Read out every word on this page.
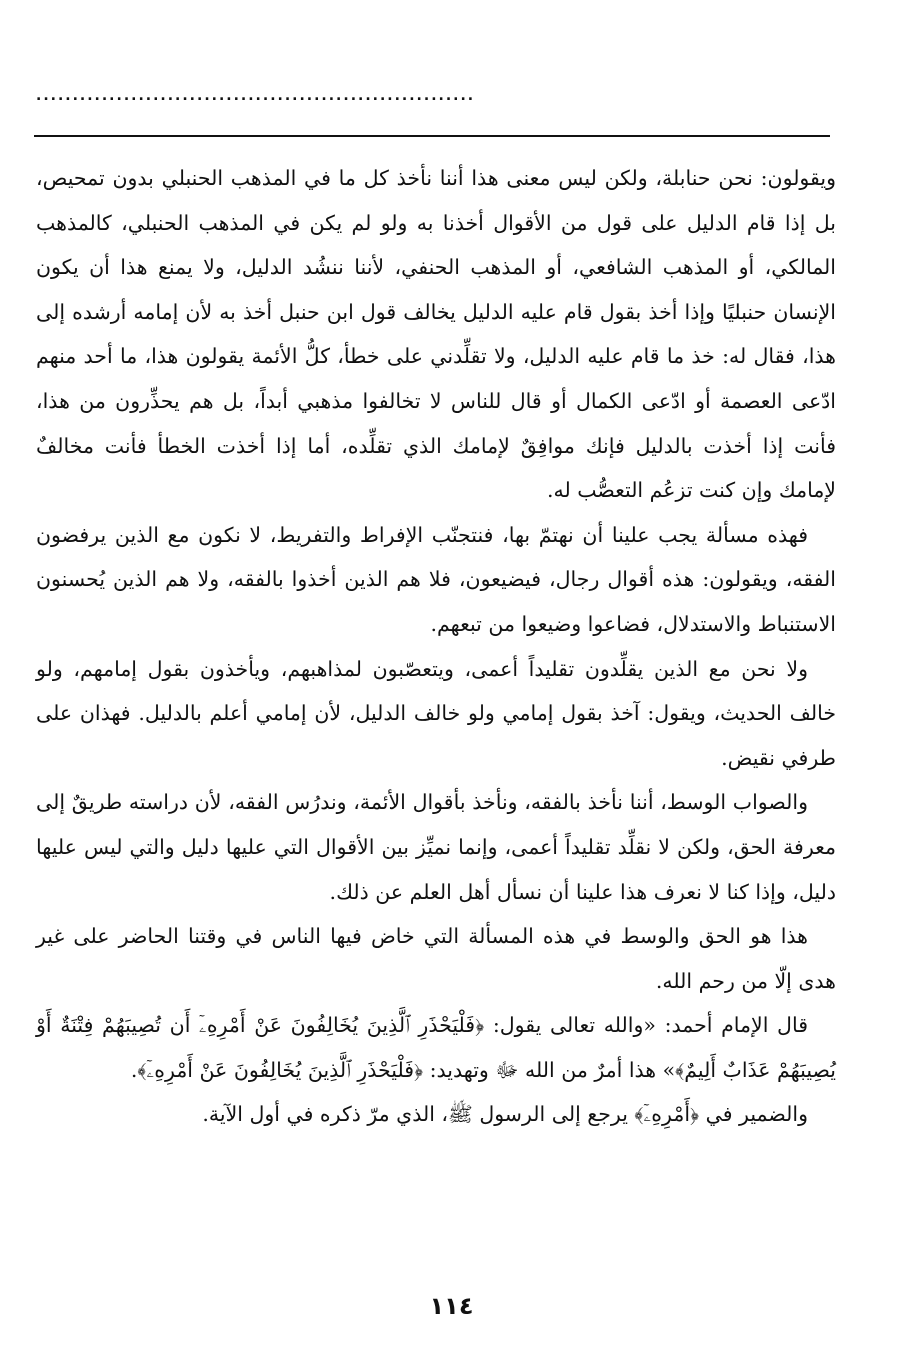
............................................................

ويقولون: نحن حنابلة، ولكن ليس معنى هذا أننا نأخذ كل ما في المذهب الحنبلي بدون تمحيص، بل إذا قام الدليل على قول من الأقوال أخذنا به ولو لم يكن في المذهب الحنبلي، كالمذهب المالكي، أو المذهب الشافعي، أو المذهب الحنفي، لأننا ننشُد الدليل، ولا يمنع هذا أن يكون الإنسان حنبليًا وإذا أخذ بقول قام عليه الدليل يخالف قول ابن حنبل أخذ به لأن إمامه أرشده إلى هذا، فقال له: خذ ما قام عليه الدليل، ولا تقلِّدني على خطأ، كلُّ الأئمة يقولون هذا، ما أحد منهم ادّعى العصمة أو ادّعى الكمال أو قال للناس لا تخالفوا مذهبي أبداً، بل هم يحذِّرون من هذا، فأنت إذا أخذت بالدليل فإنك موافِقٌ لإمامك الذي تقلِّده، أما إذا أخذت الخطأ فأنت مخالفٌ لإمامك وإن كنت تزعُم التعصُّب له.

فهذه مسألة يجب علينا أن نهتمّ بها، فنتجنّب الإفراط والتفريط، لا نكون مع الذين يرفضون الفقه، ويقولون: هذه أقوال رجال، فيضيعون، فلا هم الذين أخذوا بالفقه، ولا هم الذين يُحسنون الاستنباط والاستدلال، فضاعوا وضيعوا من تبعهم.

ولا نحن مع الذين يقلِّدون تقليداً أعمى، ويتعصّبون لمذاهبهم، ويأخذون بقول إمامهم، ولو خالف الحديث، ويقول: آخذ بقول إمامي ولو خالف الدليل، لأن إمامي أعلم بالدليل. فهذان على طرفي نقيض.

والصواب الوسط، أننا نأخذ بالفقه، ونأخذ بأقوال الأئمة، وندرُس الفقه، لأن دراسته طريقٌ إلى معرفة الحق، ولكن لا نقلِّد تقليداً أعمى، وإنما نميِّز بين الأقوال التي عليها دليل والتي ليس عليها دليل، وإذا كنا لا نعرف هذا علينا أن نسأل أهل العلم عن ذلك.

هذا هو الحق والوسط في هذه المسألة التي خاض فيها الناس في وقتنا الحاضر على غير هدى إلّا من رحم الله.

قال الإمام أحمد: «والله تعالى يقول: ﴿فَلْيَحْذَرِ ٱلَّذِينَ يُخَالِفُونَ عَنْ أَمْرِهِۦٓ أَن تُصِيبَهُمْ فِتْنَةٌ أَوْ يُصِيبَهُمْ عَذَابٌ أَلِيمٌ﴾» هذا أمرٌ من الله ﷻ وتهديد: ﴿فَلْيَحْذَرِ ٱلَّذِينَ يُخَالِفُونَ عَنْ أَمْرِهِۦٓ﴾.

والضمير في ﴿أَمْرِهِۦٓ﴾ يرجع إلى الرسول ﷺ، الذي مرّ ذكره في أول الآية.

١١٤
